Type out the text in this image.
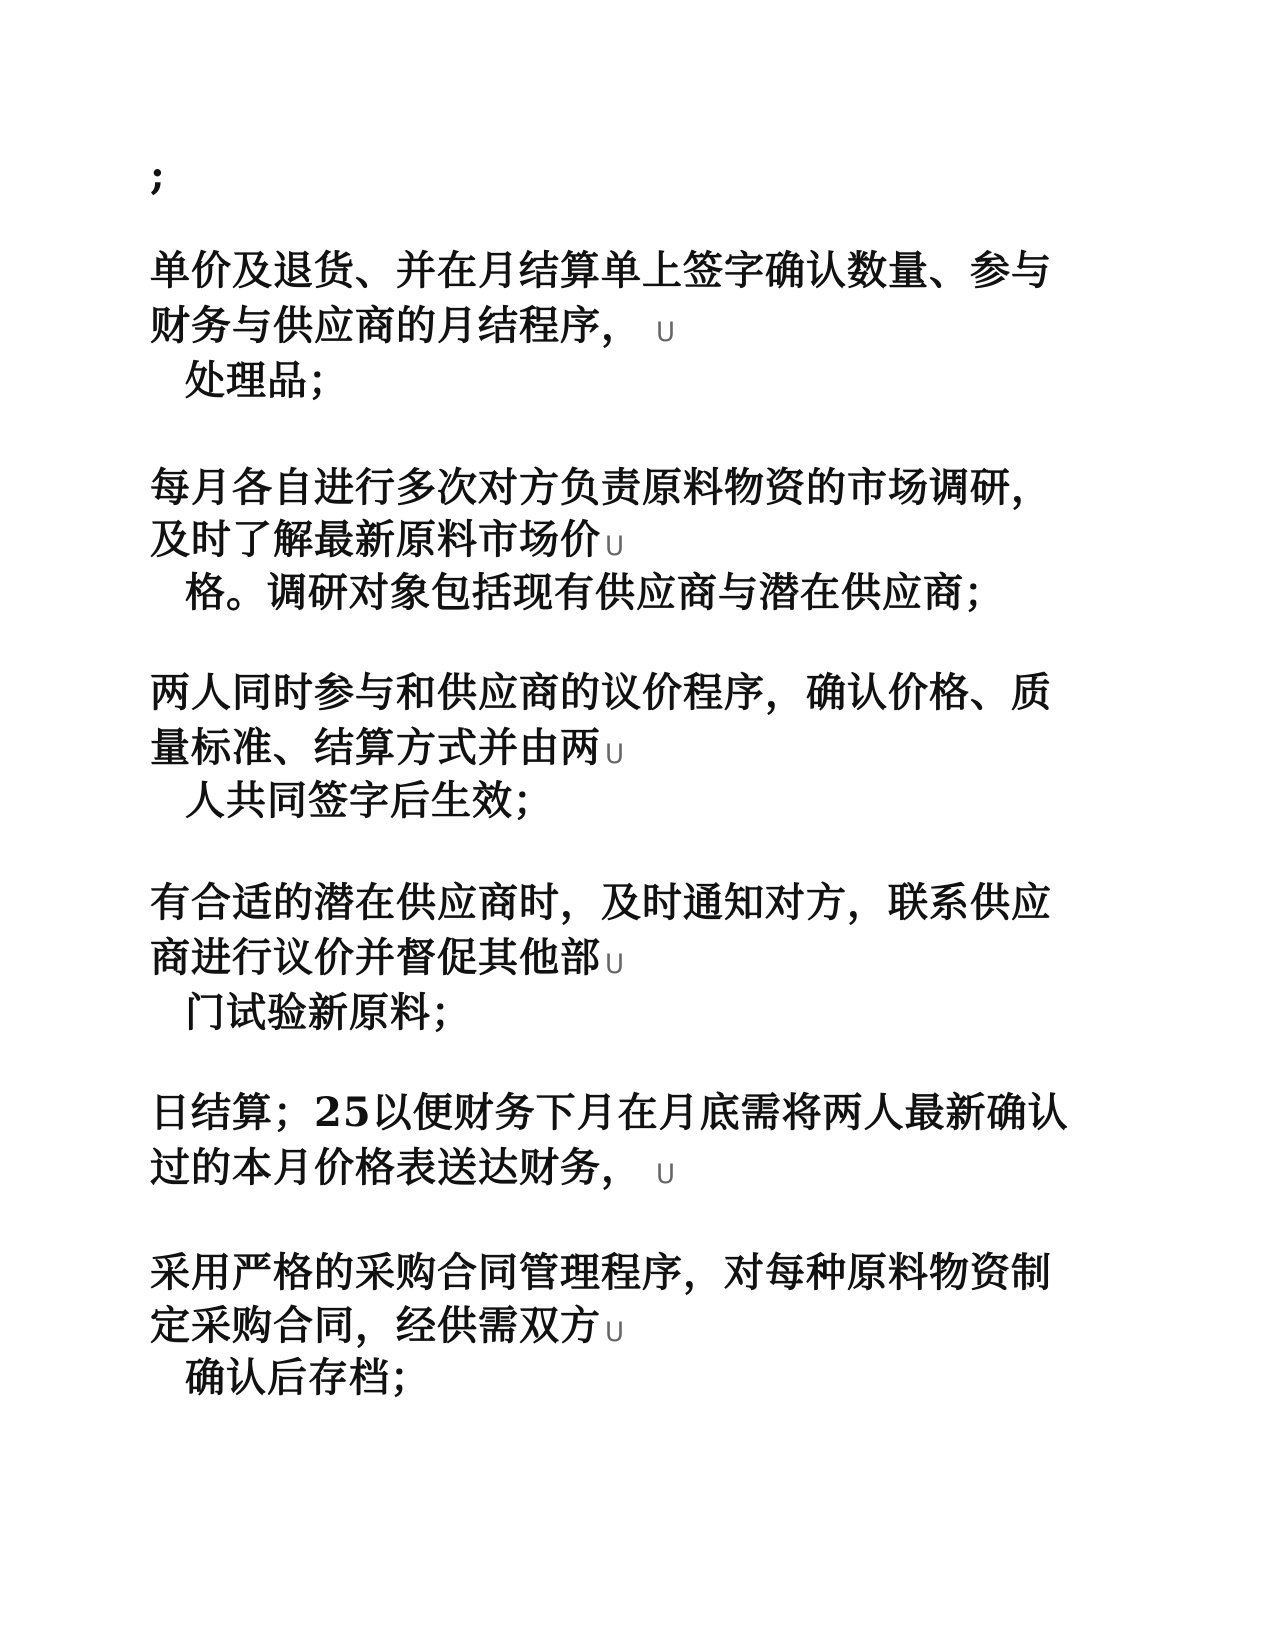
;
单价及退货、并在月结算单上签字确认数量、参与
财务与供应商的月结程序， ᑌ
处理品；
每月各自进行多次对方负责原料物资的市场调研，
及时了解最新原料市场价 ᑌ
格。调研对象包括现有供应商与潜在供应商；
两人同时参与和供应商的议价程序，确认价格、质
量标准、结算方式并由两 ᑌ
人共同签字后生效；
有合适的潜在供应商时，及时通知对方，联系供应
商进行议价并督促其他部 ᑌ
门试验新原料；
日结算；25以便财务下月在月底需将两人最新确认
过的本月价格表送达财务， ᑌ
采用严格的采购合同管理程序，对每种原料物资制
定采购合同，经供需双方 ᑌ
确认后存档；
